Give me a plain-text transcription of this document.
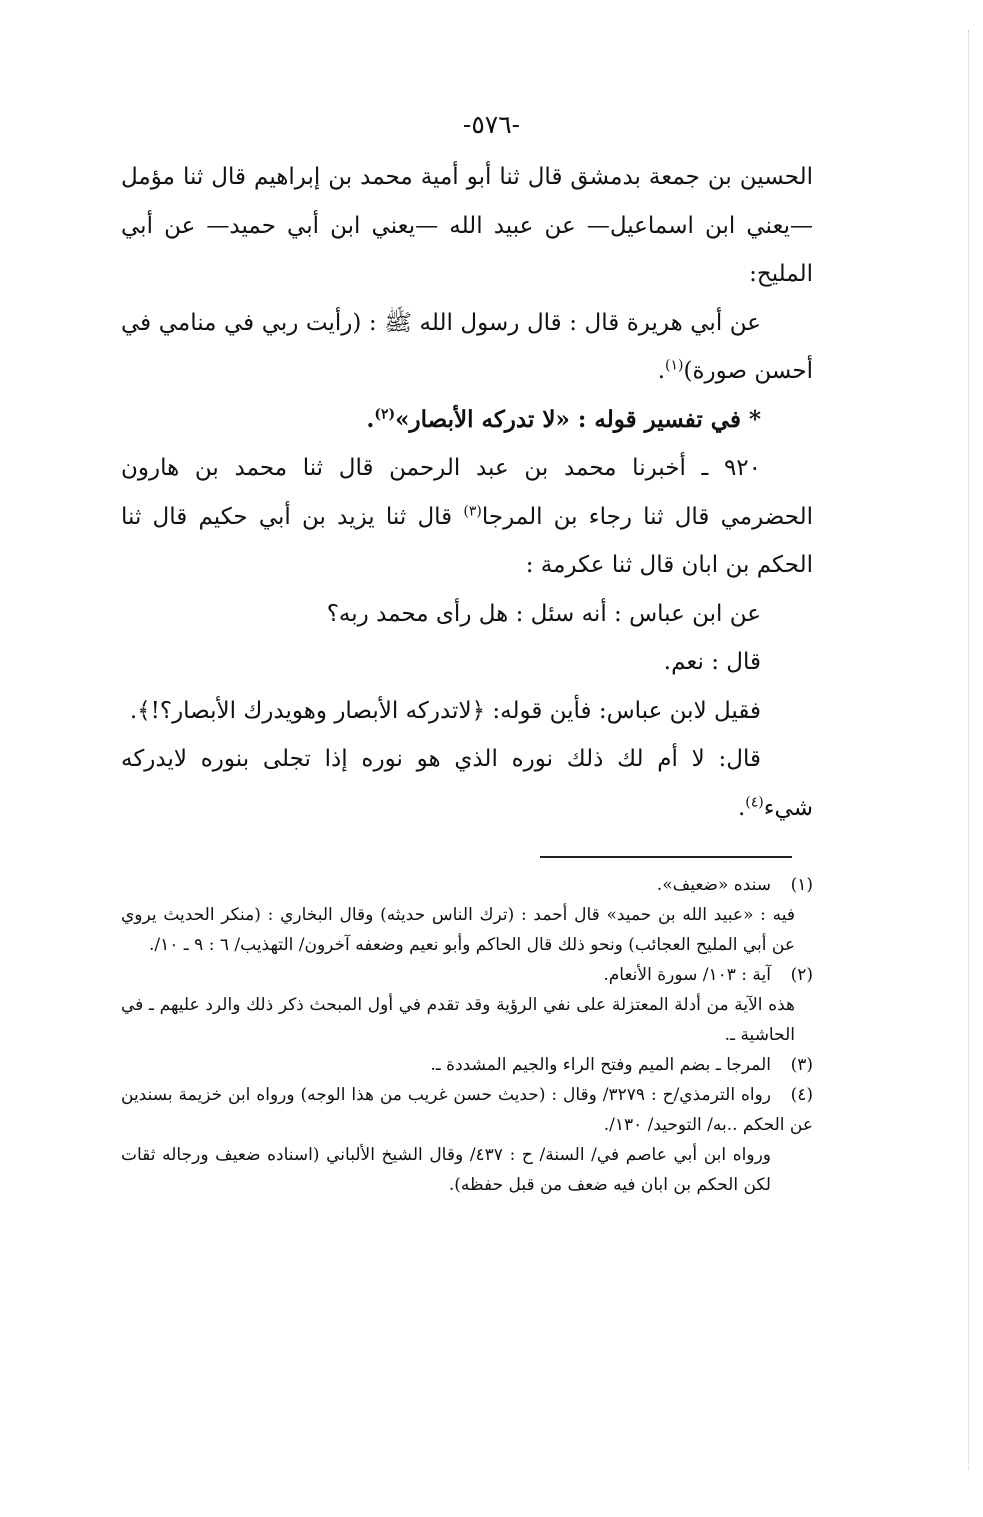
-٥٧٦-

الحسين بن جمعة بدمشق قال ثنا أبو أمية محمد بن إبراهيم قال ثنا مؤمل —يعني ابن اسماعيل— عن عبيد الله —يعني ابن أبي حميد— عن أبي المليح:

عن أبي هريرة قال : قال رسول الله ﷺ : (رأيت ربي في منامي في أحسن صورة)$^{(١)}$.

* في تفسير قوله : «لا تدركه الأبصار»$^{(٢)}$.

٩٢٠ ـ أخبرنا محمد بن عبد الرحمن قال ثنا محمد بن هارون الحضرمي قال ثنا رجاء بن المرجا$^{(٣)}$ قال ثنا يزيد بن أبي حكيم قال ثنا الحكم بن ابان قال ثنا عكرمة :

عن ابن عباس : أنه سئل : هل رأى محمد ربه؟

قال : نعم.

فقيل لابن عباس: فأين قوله: ﴿لاتدركه الأبصار وهويدرك الأبصار؟!﴾.

قال: لا أم لك ذلك نوره الذي هو نوره إذا تجلى بنوره لايدركه شيء$^{(٤)}$.

(١)سنده «ضعيف».

فيه : «عبيد الله بن حميد» قال أحمد : (ترك الناس حديثه) وقال البخاري : (منكر الحديث يروي عن أبي المليح العجائب) ونحو ذلك قال الحاكم وأبو نعيم وضعفه آخرون/ التهذيب/ ٦ : ٩ ـ ١٠/.

(٢)آية : ١٠٣/ سورة الأنعام.

هذه الآية من أدلة المعتزلة على نفي الرؤية وقد تقدم في أول المبحث ذكر ذلك والرد عليهم ـ في الحاشية ـ.

(٣)المرجا ـ بضم الميم وفتح الراء والجيم المشددة ـ.

(٤)رواه الترمذي/ح : ٣٢٧٩/ وقال : (حديث حسن غريب من هذا الوجه) ورواه ابن خزيمة بسندين عن الحكم ..به/ التوحيد/ ١٣٠/.

ورواه ابن أبي عاصم في/ السنة/ ح : ٤٣٧/ وقال الشيخ الألباني (اسناده ضعيف ورجاله ثقات لكن الحكم بن ابان فيه ضعف من قبل حفظه).
